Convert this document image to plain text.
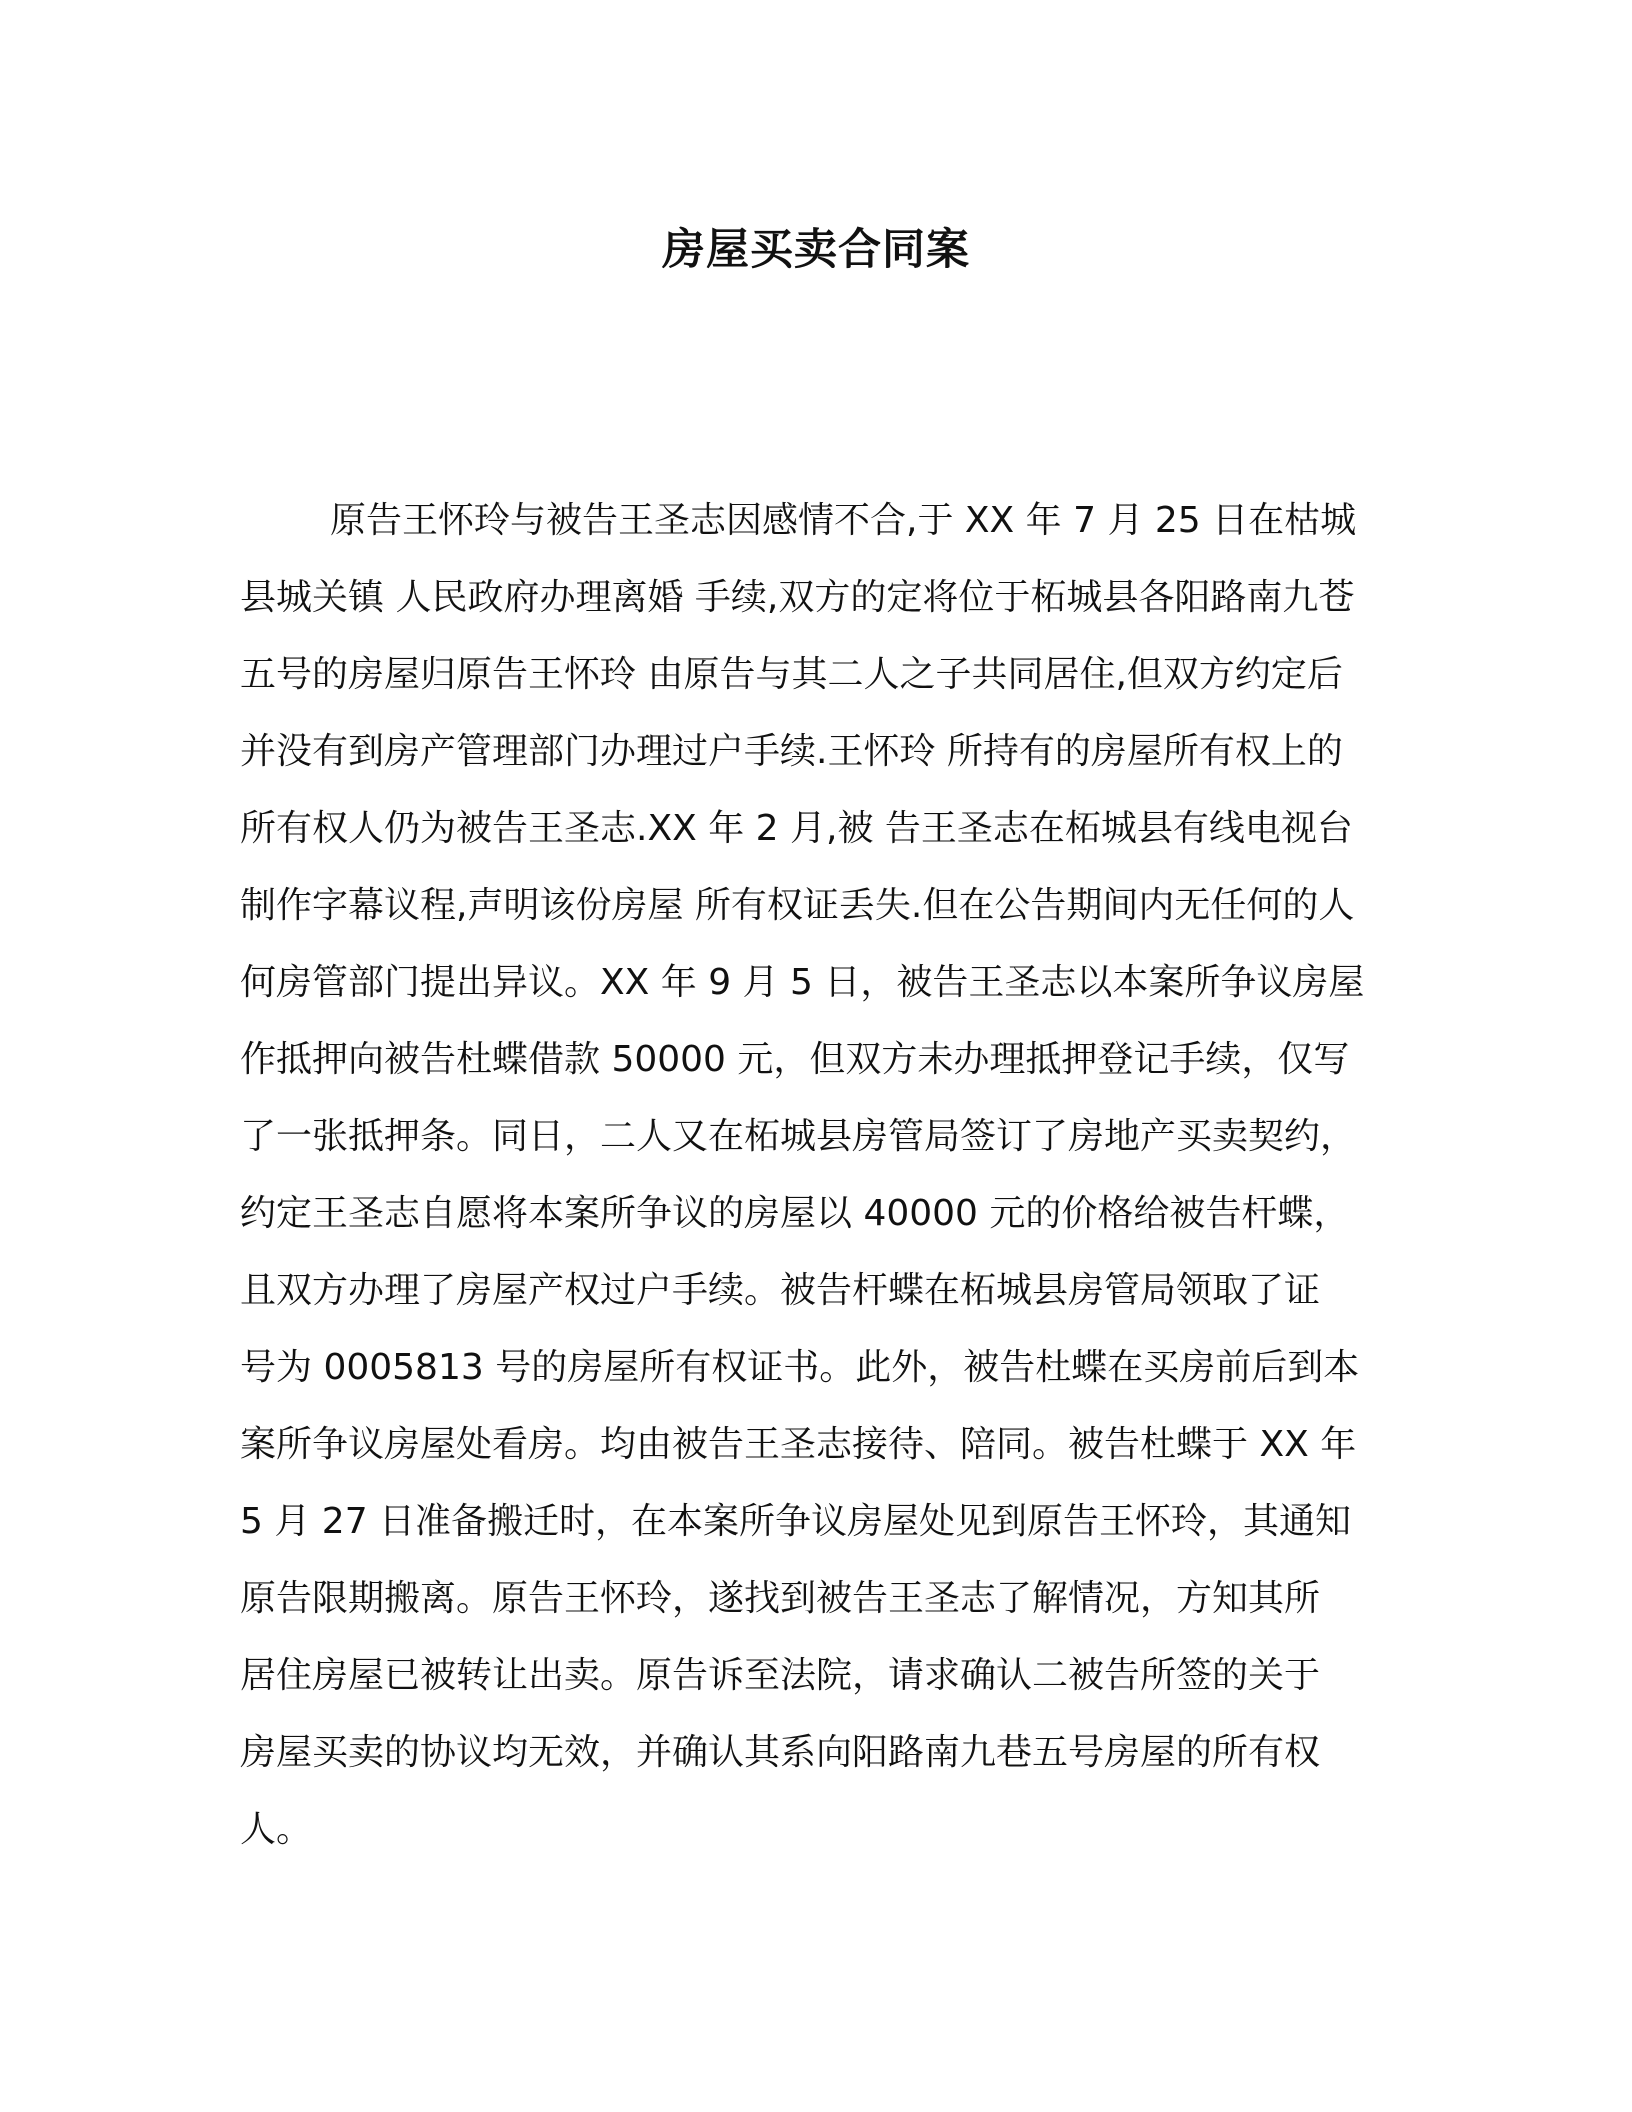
房屋买卖合同案
原告王怀玲与被告王圣志因感情不合,于 XX 年 7 月 25 日在枯城
县城关镇 人民政府办理离婚 手续,双方的定将位于柘城县各阳路南九苍
五号的房屋归原告王怀玲 由原告与其二人之子共同居住,但双方约定后
并没有到房产管理部门办理过户手续.王怀玲 所持有的房屋所有权上的
所有权人仍为被告王圣志.XX 年 2 月,被 告王圣志在柘城县有线电视台
制作字幕议程,声明该份房屋 所有权证丢失.但在公告期间内无任何的人
何房管部门提出异议。XX 年 9 月 5 日，被告王圣志以本案所争议房屋
作抵押向被告杜蝶借款 50000 元，但双方未办理抵押登记手续，仅写
了一张抵押条。同日，二人又在柘城县房管局签订了房地产买卖契约，
约定王圣志自愿将本案所争议的房屋以 40000 元的价格给被告杆蝶，
且双方办理了房屋产权过户手续。被告杆蝶在柘城县房管局领取了证
号为 0005813 号的房屋所有权证书。此外，被告杜蝶在买房前后到本
案所争议房屋处看房。均由被告王圣志接待、陪同。被告杜蝶于 XX 年
5 月 27 日准备搬迁时，在本案所争议房屋处见到原告王怀玲，其通知
原告限期搬离。原告王怀玲，遂找到被告王圣志了解情况，方知其所
居住房屋已被转让出卖。原告诉至法院，请求确认二被告所签的关于
房屋买卖的协议均无效，并确认其系向阳路南九巷五号房屋的所有权
人。
